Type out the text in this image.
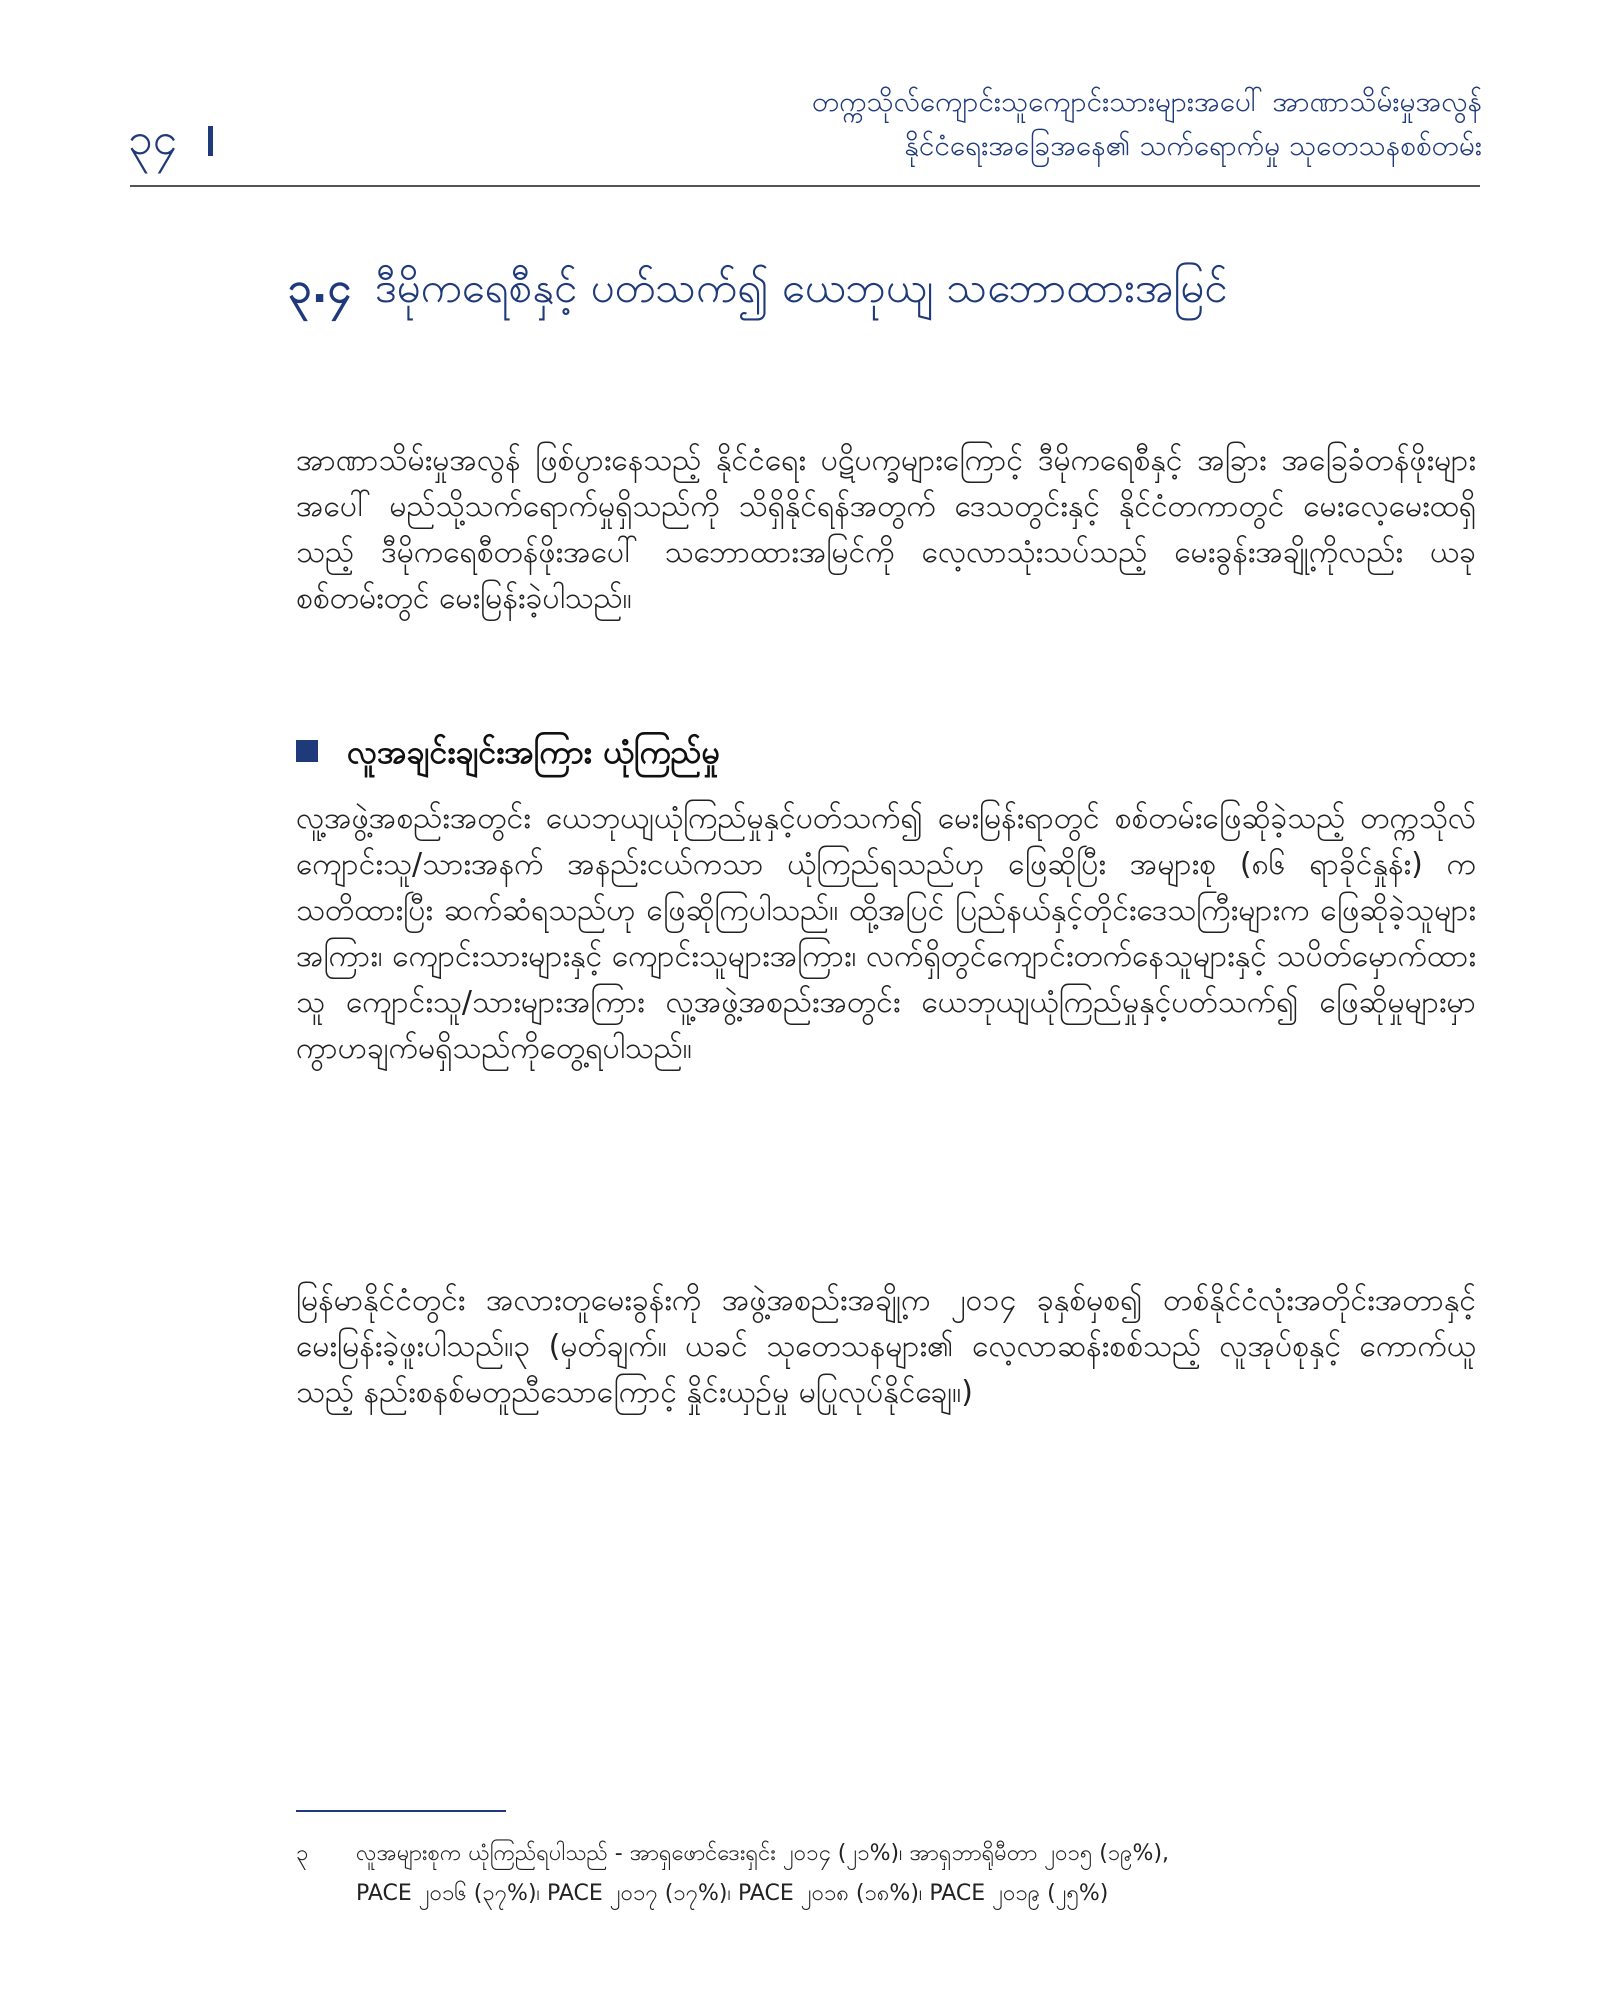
၃၄
တက္ကသိုလ်ကျောင်းသူကျောင်းသားများအပေါ် အာဏာသိမ်းမှုအလွန်
နိုင်ငံရေးအခြေအနေ၏ သက်ရောက်မှု သုတေသနစစ်တမ်း
၃.၄ ဒီမိုကရေစီနှင့် ပတ်သက်၍ ယေဘုယျ သဘောထားအမြင်

အာဏာသိမ်းမှုအလွန် ဖြစ်ပွားနေသည့် နိုင်ငံရေး ပဋိပက္ခများကြောင့် ဒီမိုကရေစီနှင့် အခြား အခြေခံတန်ဖိုးများအပေါ် မည်သို့သက်ရောက်မှုရှိသည်ကို သိရှိနိုင်ရန်အတွက် ဒေသတွင်းနှင့် နိုင်ငံတကာတွင် မေးလေ့မေးထရှိသည့် ဒီမိုကရေစီတန်ဖိုးအပေါ် သဘောထားအမြင်ကို လေ့လာသုံးသပ်သည့် မေးခွန်းအချို့ကိုလည်း ယခုစစ်တမ်းတွင် မေးမြန်းခဲ့ပါသည်။

လူအချင်းချင်းအကြား ယုံကြည်မှု

လူ့အဖွဲ့အစည်းအတွင်း ယေဘုယျယုံကြည်မှုနှင့်ပတ်သက်၍ မေးမြန်းရာတွင် စစ်တမ်းဖြေဆိုခဲ့သည့် တက္ကသိုလ်ကျောင်းသူ/သားအနက် အနည်းငယ်ကသာ ယုံကြည်ရသည်ဟု ဖြေဆိုပြီး အများစု (၈၆ ရာခိုင်နှုန်း) က သတိထားပြီး ဆက်ဆံရသည်ဟု ဖြေဆိုကြပါသည်။ ထို့အပြင် ပြည်နယ်နှင့်တိုင်းဒေသကြီးများက ဖြေဆိုခဲ့သူများအကြား၊ ကျောင်းသားများနှင့် ကျောင်းသူများအကြား၊ လက်ရှိတွင်ကျောင်းတက်နေသူများနှင့် သပိတ်မှောက်ထားသူ ကျောင်းသူ/သားများအကြား လူ့အဖွဲ့အစည်းအတွင်း ယေဘုယျယုံကြည်မှုနှင့်ပတ်သက်၍ ဖြေဆိုမှုများမှာ ကွာဟချက်မရှိသည်ကိုတွေ့ရပါသည်။

မြန်မာနိုင်ငံတွင်း အလားတူမေးခွန်းကို အဖွဲ့အစည်းအချို့က ၂၀၁၄ ခုနှစ်မှစ၍ တစ်နိုင်ငံလုံးအတိုင်းအတာနှင့် မေးမြန်းခဲ့ဖူးပါသည်။၃ (မှတ်ချက်။ ယခင် သုတေသနများ၏ လေ့လာဆန်းစစ်သည့် လူအုပ်စုနှင့် ကောက်ယူသည့် နည်းစနစ်မတူညီသောကြောင့် နှိုင်းယှဉ်မှု မပြုလုပ်နိုင်ချေ။)

၃ လူအများစုက ယုံကြည်ရပါသည် - အာရှဖောင်ဒေးရှင်း ၂၀၁၄ (၂၁%)၊ အာရှဘာရိုမီတာ ၂၀၁၅ (၁၉%),
PACE ၂၀၁၆ (၃၇%)၊ PACE ၂၀၁၇ (၁၇%)၊ PACE ၂၀၁၈ (၁၈%)၊ PACE ၂၀၁၉ (၂၅%)
